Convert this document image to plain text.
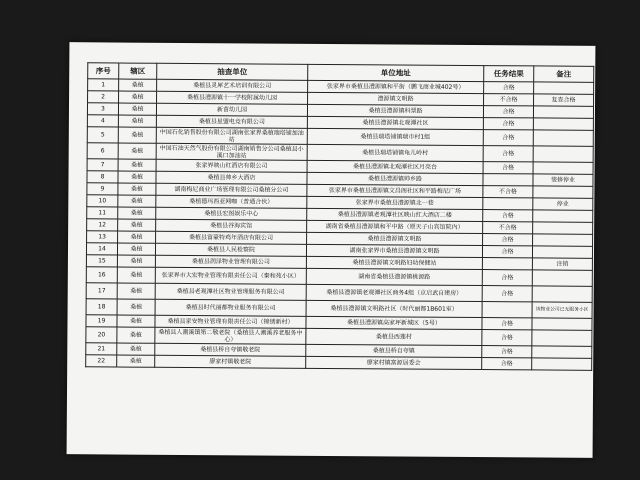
序号	辖区	抽查单位	单位地址	任务结果	备注
1	桑植	桑植县灵犀艺术培训有限公司	张家界市桑植县澧源镇和平街（鹏飞商业城402号）	合格	
2	桑植	桑植县澧源镇十一学校附属幼儿园	澧源镇文明路	不合格	复查合格
3	桑植	新苗幼儿园	桑植县澧源镇科票路	合格	
4	桑植	桑植县星盟电竞有限公司	桑植县澧源镇北观潭社区	合格	
5	桑植	中国石化销售股份有限公司湖南张家界桑植瑞塔铺加油站	桑植县瑞塔铺镇瑞市村1组	合格	
6	桑植	中国石油天然气股份有限公司湖南销售分公司桑植县小溪口加油站	桑植县瑞塔铺镇龟儿岭村	合格	
7	桑植	张家界映山红酒店有限公司	桑植县澧源镇北观潭社区月亮台	合格	
8	桑植	桑植县帅乡大酒店	桑植县澧源镇帅乡路		装修停业
9	桑植	湖南梅尼商业广场管理有限公司桑植分公司	张家界市桑植县澧源镇文昌阁社区和平路梅尼广场	不合格	
10	桑植	桑植德玛西亚网咖（普通合伙）	张家界市桑植县澧源镇北一巷		停业
11	桑植	桑植县宏图娱乐中心	桑植县澧源镇老观潭社区映山红大酒店二楼	合格	
12	桑植	桑植县谷海宾馆	湖南省桑植县澧源镇和平中路（原天子山宾馆院内）	不合格	
13	桑植	桑植县富豪特鸡年酒店有限公司	桑植县澧源镇文明路	合格	
14	桑植	桑植县人民检察院	湖南张家界市桑植县澧源镇文明路	合格	
15	桑植	桑植县润泽物业管理有限公司	桑植县澧源镇文明路妇幼保健站		注销
16	桑植	张家界市大宏物业管理有限责任公司（秦和苑小区）	湖南省桑植县澧源镇桃源路	合格	
17	桑植	桑植县老观潭社区物业管理服务有限公司	桑植县澧源镇老观潭社区商务4组（京启武自建房）	合格	
18	桑植	桑植县时代丽都物业服务有限公司	桑植县澧源镇文明路社区（时代丽都1B601室）		该物业公司已无服务小区
19	桑植	桑植县家安物业管理有限责任公司（锦绣新村）	桑植县澧源镇高家坪新城区（5号）	合格	
20	桑植	桑植县人潮溪镇第二敬老院（桑植县人潮溪养老服务中心）	桑植县西莲村	合格	
21	桑植	桑植县桥自夸镇敬老院	桑植县桥自夸镇	合格	
22	桑植	廖家村镇敬老院	廖家村镇富源居委会	合格	
